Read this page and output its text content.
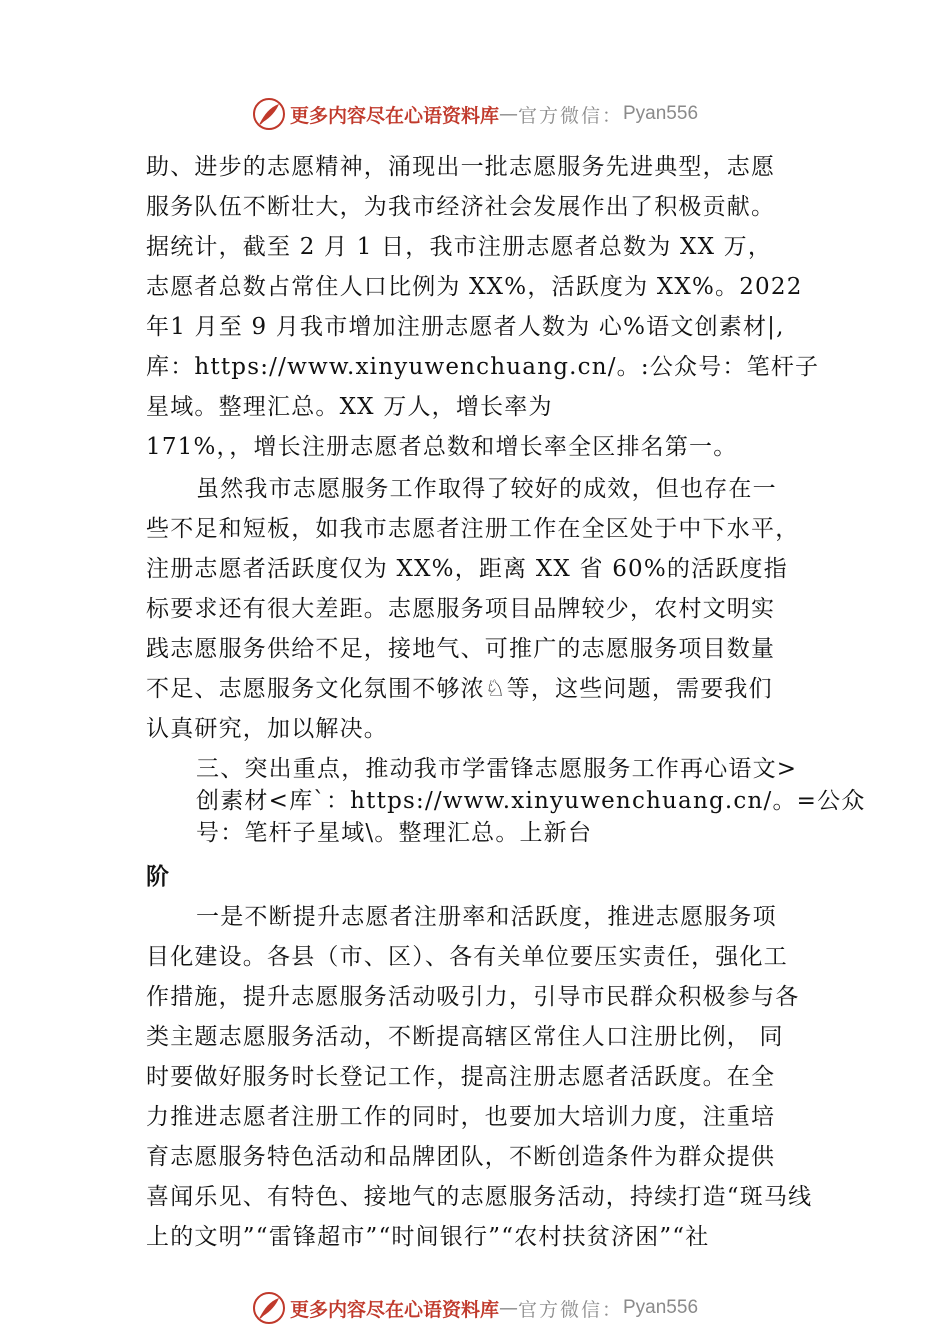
更多内容尽在心语资料库 — 官方微信： Pyan556
助、进步的志愿精神，涌现出一批志愿服务先进典型，志愿
服务队伍不断壮大，为我市经济社会发展作出了积极贡献。
据统计，截至 2 月 1 日，我市注册志愿者总数为 XX 万，
志愿者总数占常住人口比例为 XX%，活跃度为 XX%。2022
年1 月至 9 月我市增加注册志愿者人数为 心%语文创素材|,
库：https://www.xinyuwenchuang.cn/。:公众号：笔杆子
星域。整理汇总。XX 万人，增长率为
171%，，增长注册志愿者总数和增长率全区排名第一。
虽然我市志愿服务工作取得了较好的成效，但也存在一
些不足和短板，如我市志愿者注册工作在全区处于中下水平，
注册志愿者活跃度仅为 XX%，距离 XX 省 60%的活跃度指
标要求还有很大差距。志愿服务项目品牌较少，农村文明实
践志愿服务供给不足，接地气、可推广的志愿服务项目数量
不足、志愿服务文化氛围不够浓♘等，这些问题，需要我们
认真研究，加以解决。
三、突出重点，推动我市学雷锋志愿服务工作再心语文>
创素材<库`：https://www.xinyuwenchuang.cn/。=公众
号：笔杆子星域\。整理汇总。上新台
阶
一是不断提升志愿者注册率和活跃度，推进志愿服务项
目化建设。各县（市、区）、各有关单位要压实责任，强化工
作措施，提升志愿服务活动吸引力，引导市民群众积极参与各
类主题志愿服务活动，不断提高辖区常住人口注册比例， 同
时要做好服务时长登记工作，提高注册志愿者活跃度。在全
力推进志愿者注册工作的同时，也要加大培训力度，注重培
育志愿服务特色活动和品牌团队，不断创造条件为群众提供
喜闻乐见、有特色、接地气的志愿服务活动，持续打造“斑马线
上的文明”“雷锋超市”“时间银行”“农村扶贫济困”“社
更多内容尽在心语资料库 — 官方微信： Pyan556
